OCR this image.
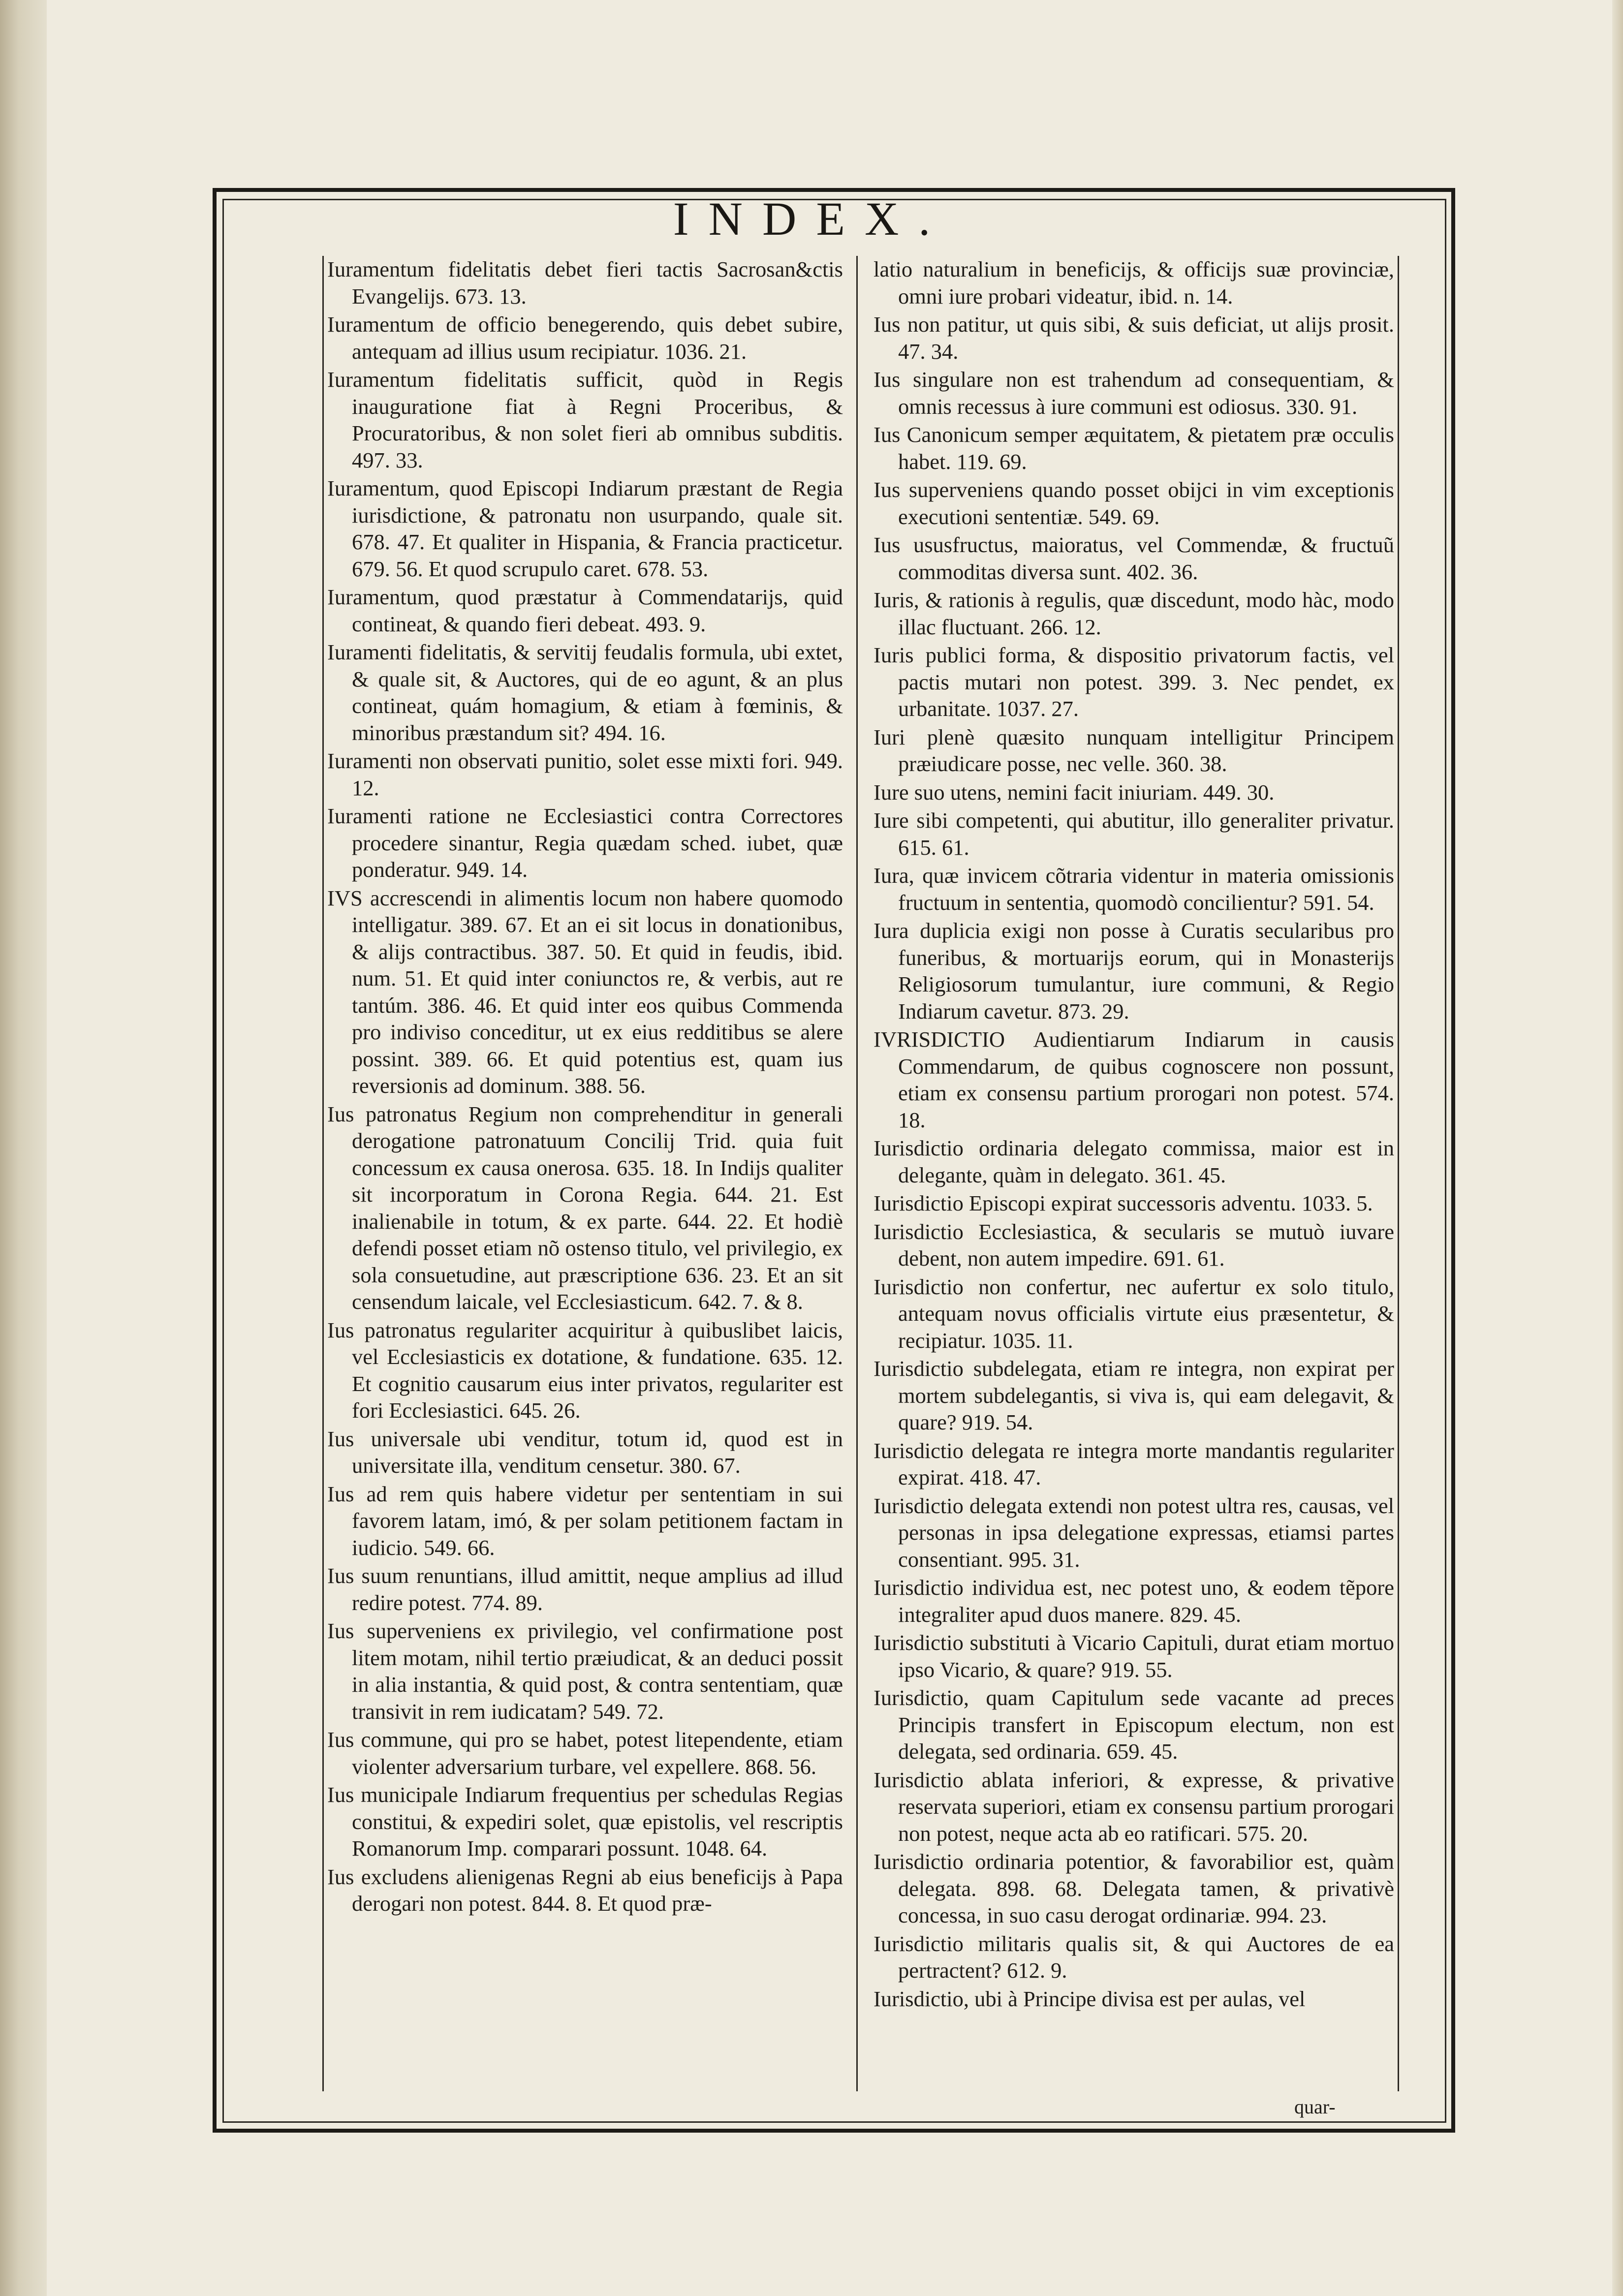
INDEX.
Iuramentum fidelitatis debet fieri tactis Sacrosan&ctis Evangelijs. 673. 13.
Iuramentum de officio benegerendo, quis debet subire, antequam ad illius usum recipiatur. 1036. 21.
Iuramentum fidelitatis sufficit, quòd in Regis inauguratione fiat à Regni Proceribus, & Procuratoribus, & non solet fieri ab omnibus subditis. 497. 33.
Iuramentum, quod Episcopi Indiarum præstant de Regia iurisdictione, & patronatu non usurpando, quale sit. 678. 47. Et qualiter in Hispania, & Francia practicetur. 679. 56. Et quod scrupulo caret. 678. 53.
Iuramentum, quod præstatur à Commendatarijs, quid contineat, & quando fieri debeat. 493. 9.
Iuramenti fidelitatis, & servitij feudalis formula, ubi extet, & quale sit, & Auctores, qui de eo agunt, & an plus contineat, quám homagium, & etiam à fœminis, & minoribus præstandum sit? 494. 16.
Iuramenti non observati punitio, solet esse mixti fori. 949. 12.
Iuramenti ratione ne Ecclesiastici contra Correctores procedere sinantur, Regia quædam sched. iubet, quæ ponderatur. 949. 14.
IVS accrescendi in alimentis locum non habere quomodo intelligatur. 389. 67. Et an ei sit locus in donationibus, & alijs contractibus. 387. 50. Et quid in feudis, ibid. num. 51. Et quid inter coniunctos re, & verbis, aut re tantúm. 386. 46. Et quid inter eos quibus Commenda pro indiviso conceditur, ut ex eius redditibus se alere possint. 389. 66. Et quid potentius est, quam ius reversionis ad dominum. 388. 56.
Ius patronatus Regium non comprehenditur in generali derogatione patronatuum Concilij Trid. quia fuit concessum ex causa onerosa. 635. 18. In Indijs qualiter sit incorporatum in Corona Regia. 644. 21. Est inalienabile in totum, & ex parte. 644. 22. Et hodiè defendi posset etiam nõ ostenso titulo, vel privilegio, ex sola consuetudine, aut præscriptione 636. 23. Et an sit censendum laicale, vel Ecclesiasticum. 642. 7. & 8.
Ius patronatus regulariter acquiritur à quibuslibet laicis, vel Ecclesiasticis ex dotatione, & fundatione. 635. 12. Et cognitio causarum eius inter privatos, regulariter est fori Ecclesiastici. 645. 26.
Ius universale ubi venditur, totum id, quod est in universitate illa, venditum censetur. 380. 67.
Ius ad rem quis habere videtur per sententiam in sui favorem latam, imó, & per solam petitionem factam in iudicio. 549. 66.
Ius suum renuntians, illud amittit, neque amplius ad illud redire potest. 774. 89.
Ius superveniens ex privilegio, vel confirmatione post litem motam, nihil tertio præiudicat, & an deduci possit in alia instantia, & quid post, & contra sententiam, quæ transivit in rem iudicatam? 549. 72.
Ius commune, qui pro se habet, potest litependente, etiam violenter adversarium turbare, vel expellere. 868. 56.
Ius municipale Indiarum frequentius per schedulas Regias constitui, & expediri solet, quæ epistolis, vel rescriptis Romanorum Imp. comparari possunt. 1048. 64.
Ius excludens alienigenas Regni ab eius beneficijs à Papa derogari non potest. 844. 8. Et quod præ-
latio naturalium in beneficijs, & officijs suæ provinciæ, omni iure probari videatur, ibid. n. 14.
Ius non patitur, ut quis sibi, & suis deficiat, ut alijs prosit. 47. 34.
Ius singulare non est trahendum ad consequentiam, & omnis recessus à iure communi est odiosus. 330. 91.
Ius Canonicum semper æquitatem, & pietatem præ occulis habet. 119. 69.
Ius superveniens quando posset obijci in vim exceptionis executioni sententiæ. 549. 69.
Ius ususfructus, maioratus, vel Commendæ, & fructuũ commoditas diversa sunt. 402. 36.
Iuris, & rationis à regulis, quæ discedunt, modo hàc, modo illac fluctuant. 266. 12.
Iuris publici forma, & dispositio privatorum factis, vel pactis mutari non potest. 399. 3. Nec pendet, ex urbanitate. 1037. 27.
Iuri plenè quæsito nunquam intelligitur Principem præiudicare posse, nec velle. 360. 38.
Iure suo utens, nemini facit iniuriam. 449. 30.
Iure sibi competenti, qui abutitur, illo generaliter privatur. 615. 61.
Iura, quæ invicem cõtraria videntur in materia omissionis fructuum in sententia, quomodò concilientur? 591. 54.
Iura duplicia exigi non posse à Curatis secularibus pro funeribus, & mortuarijs eorum, qui in Monasterijs Religiosorum tumulantur, iure communi, & Regio Indiarum cavetur. 873. 29.
IVRISDICTIO Audientiarum Indiarum in causis Commendarum, de quibus cognoscere non possunt, etiam ex consensu partium prorogari non potest. 574. 18.
Iurisdictio ordinaria delegato commissa, maior est in delegante, quàm in delegato. 361. 45.
Iurisdictio Episcopi expirat successoris adventu. 1033. 5.
Iurisdictio Ecclesiastica, & secularis se mutuò iuvare debent, non autem impedire. 691. 61.
Iurisdictio non confertur, nec aufertur ex solo titulo, antequam novus officialis virtute eius præsentetur, & recipiatur. 1035. 11.
Iurisdictio subdelegata, etiam re integra, non expirat per mortem subdelegantis, si viva is, qui eam delegavit, & quare? 919. 54.
Iurisdictio delegata re integra morte mandantis regulariter expirat. 418. 47.
Iurisdictio delegata extendi non potest ultra res, causas, vel personas in ipsa delegatione expressas, etiamsi partes consentiant. 995. 31.
Iurisdictio individua est, nec potest uno, & eodem tẽpore integraliter apud duos manere. 829. 45.
Iurisdictio substituti à Vicario Capituli, durat etiam mortuo ipso Vicario, & quare? 919. 55.
Iurisdictio, quam Capitulum sede vacante ad preces Principis transfert in Episcopum electum, non est delegata, sed ordinaria. 659. 45.
Iurisdictio ablata inferiori, & expresse, & privative reservata superiori, etiam ex consensu partium prorogari non potest, neque acta ab eo ratificari. 575. 20.
Iurisdictio ordinaria potentior, & favorabilior est, quàm delegata. 898. 68. Delegata tamen, & privativè concessa, in suo casu derogat ordinariæ. 994. 23.
Iurisdictio militaris qualis sit, & qui Auctores de ea pertractent? 612. 9.
Iurisdictio, ubi à Principe divisa est per aulas, vel
quar-
